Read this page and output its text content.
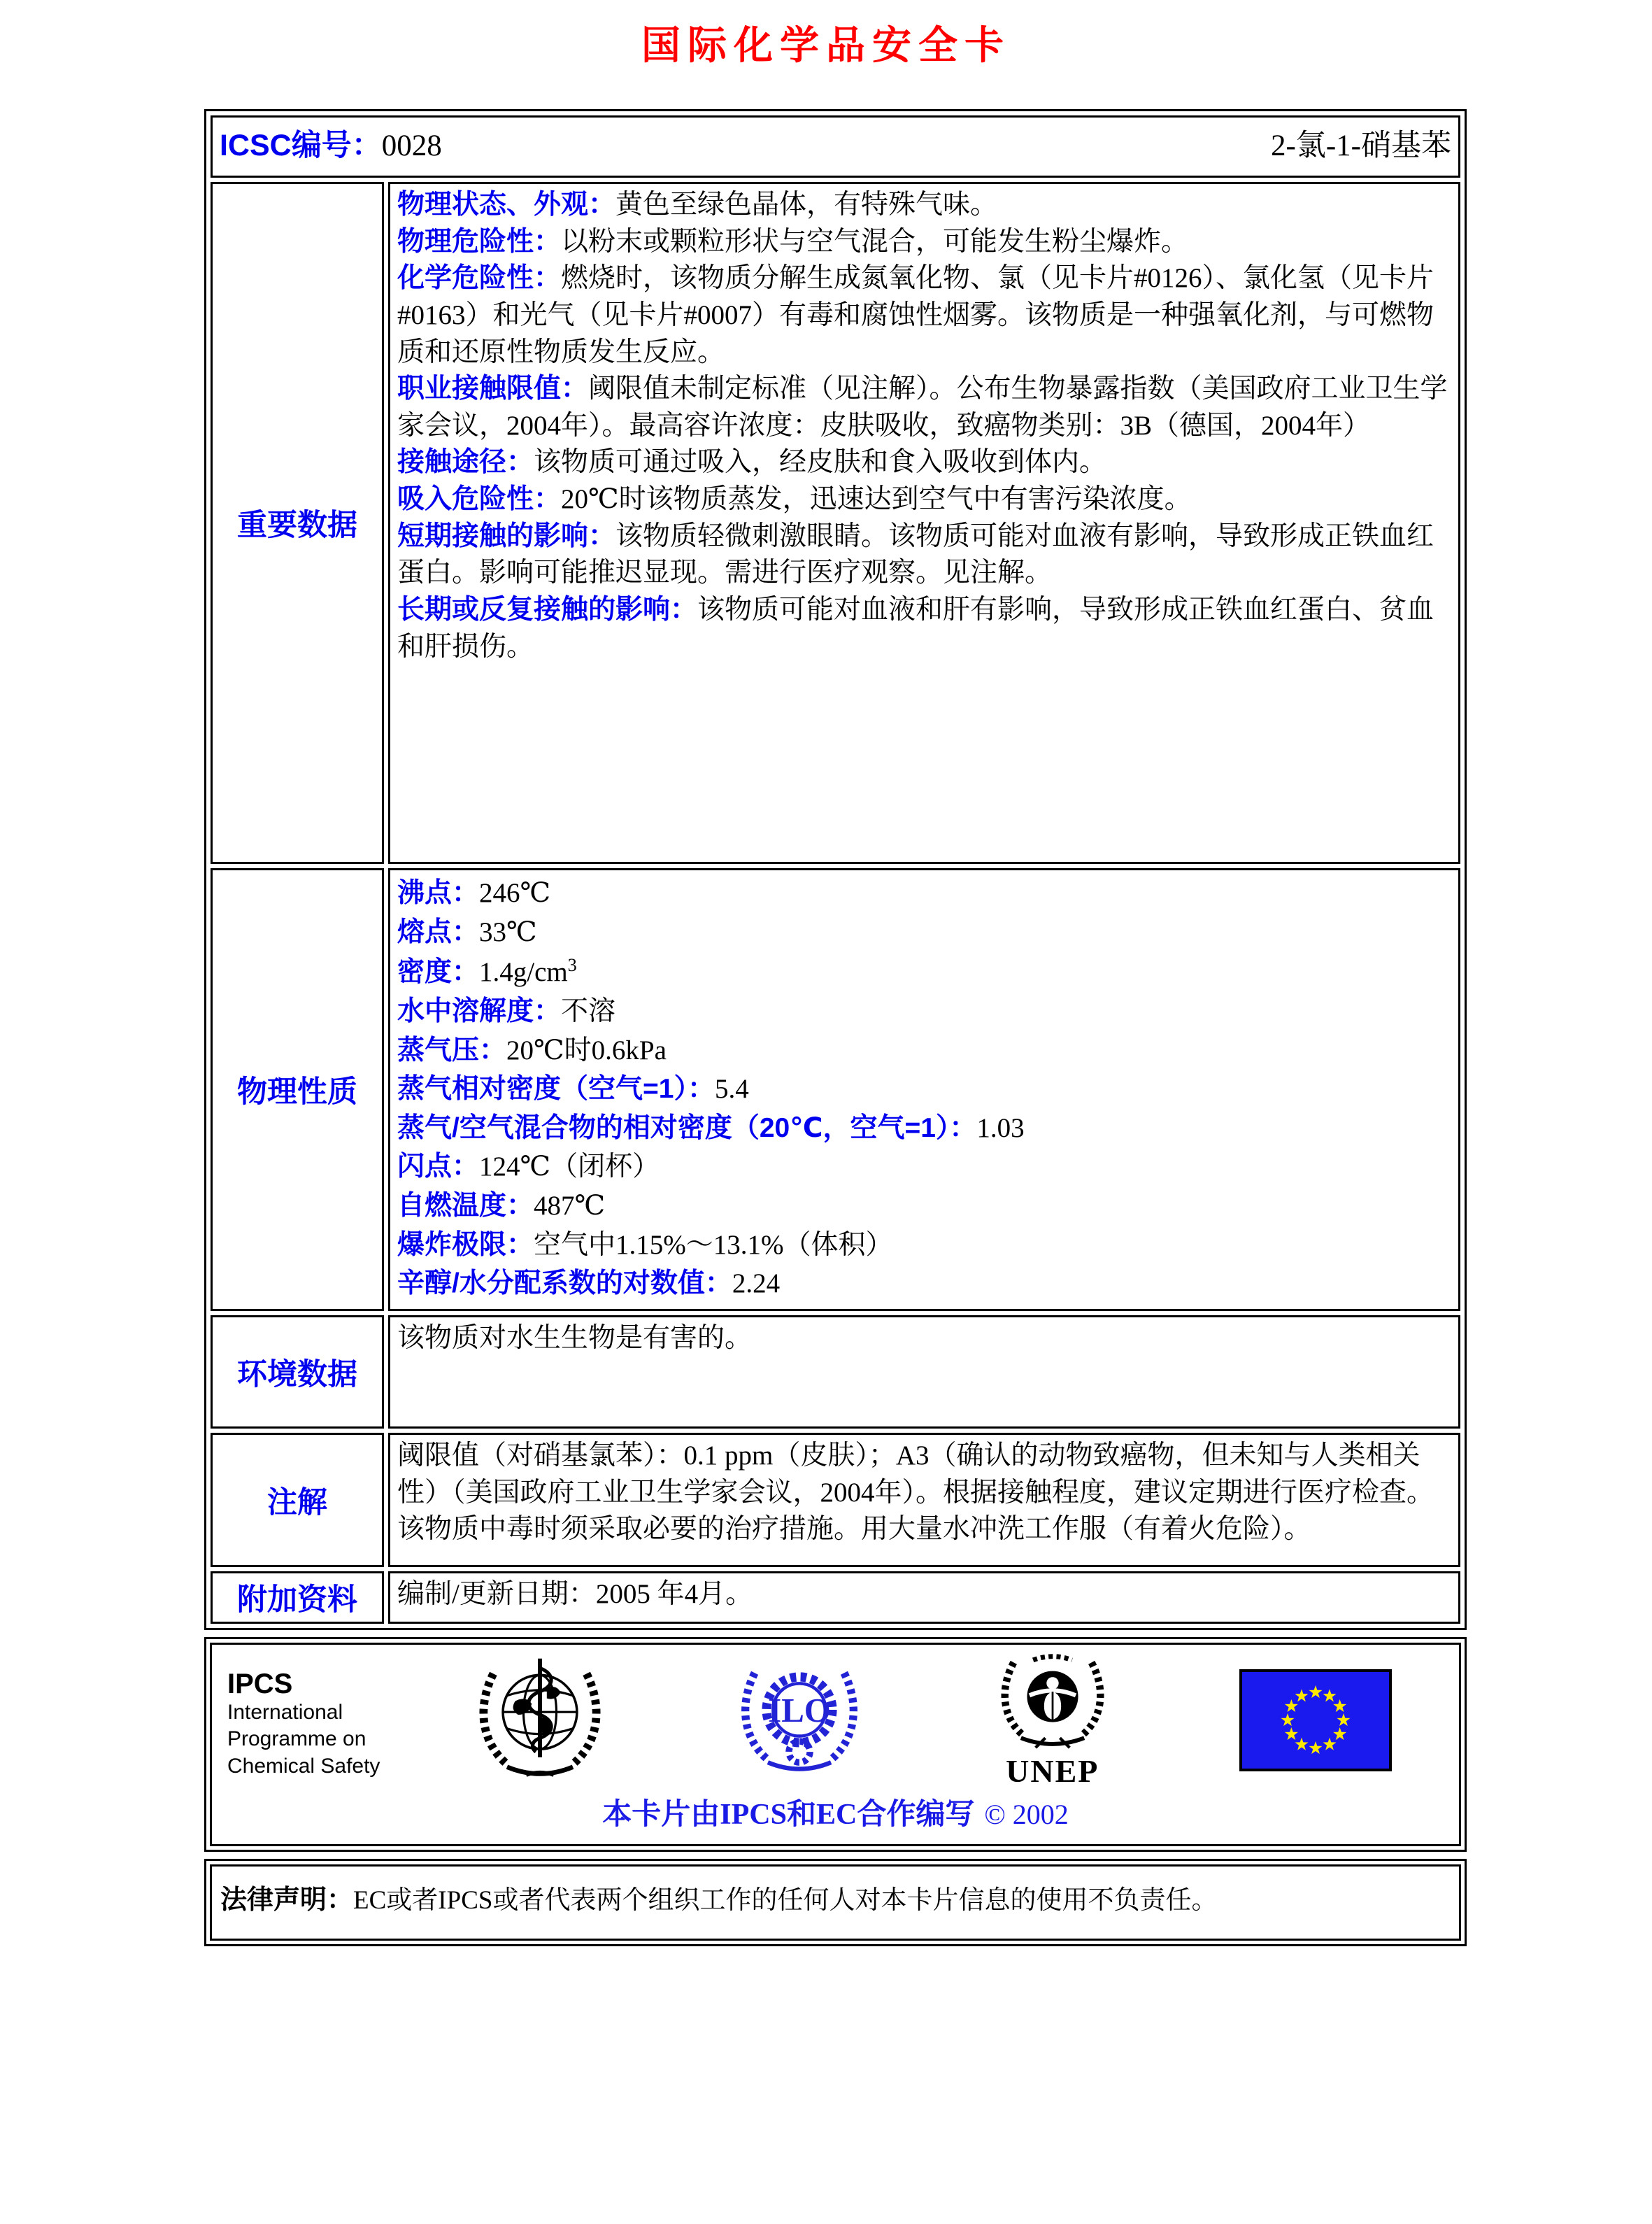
国际化学品安全卡
ICSC编号：0028 2-氯-1-硝基苯	

重要数据	

物理状态、外观：黄色至绿色晶体，有特殊气味。

物理危险性：以粉末或颗粒形状与空气混合，可能发生粉尘爆炸。

化学危险性：燃烧时，该物质分解生成氮氧化物、氯（见卡片#0126）、氯化氢（见卡片#0163）和光气（见卡片#0007）有毒和腐蚀性烟雾。该物质是一种强氧化剂，与可燃物质和还原性物质发生反应。

职业接触限值：阈限值未制定标准（见注解）。公布生物暴露指数（美国政府工业卫生学家会议，2004年）。最高容许浓度：皮肤吸收，致癌物类别：3B（德国，2004年）

接触途径：该物质可通过吸入，经皮肤和食入吸收到体内。

吸入危险性：20℃时该物质蒸发，迅速达到空气中有害污染浓度。

短期接触的影响：该物质轻微刺激眼睛。该物质可能对血液有影响，导致形成正铁血红蛋白。影响可能推迟显现。需进行医疗观察。见注解。

长期或反复接触的影响：该物质可能对血液和肝有影响，导致形成正铁血红蛋白、贫血和肝损伤。

物理性质	

沸点：246℃

熔点：33℃

密度：$1.4g/cm^3$

水中溶解度：不溶

蒸气压：20℃时0.6kPa

蒸气相对密度（空气=1）：5.4

蒸气/空气混合物的相对密度（20℃，空气=1）：1.03

闪点：124℃（闭杯）

自燃温度：487℃

爆炸极限：空气中1.15%～13.1%（体积）

辛醇/水分配系数的对数值：2.24

环境数据	该物质对水生生物是有害的。

注解	阈限值（对硝基氯苯）：0.1 ppm（皮肤）；A3（确认的动物致癌物，但未知与人类相关性）（美国政府工业卫生学家会议，2004年）。根据接触程度，建议定期进行医疗检查。该物质中毒时须采取必要的治疗措施。用大量水冲洗工作服（有着火危险）。

附加资料	编制/更新日期：2005 年4月。

IPCS
International
Programme on
Chemical Safety
ILO
UNEP
本卡片由IPCS和EC合作编写 © 2002
法律声明：EC或者IPCS或者代表两个组织工作的任何人对本卡片信息的使用不负责任。
